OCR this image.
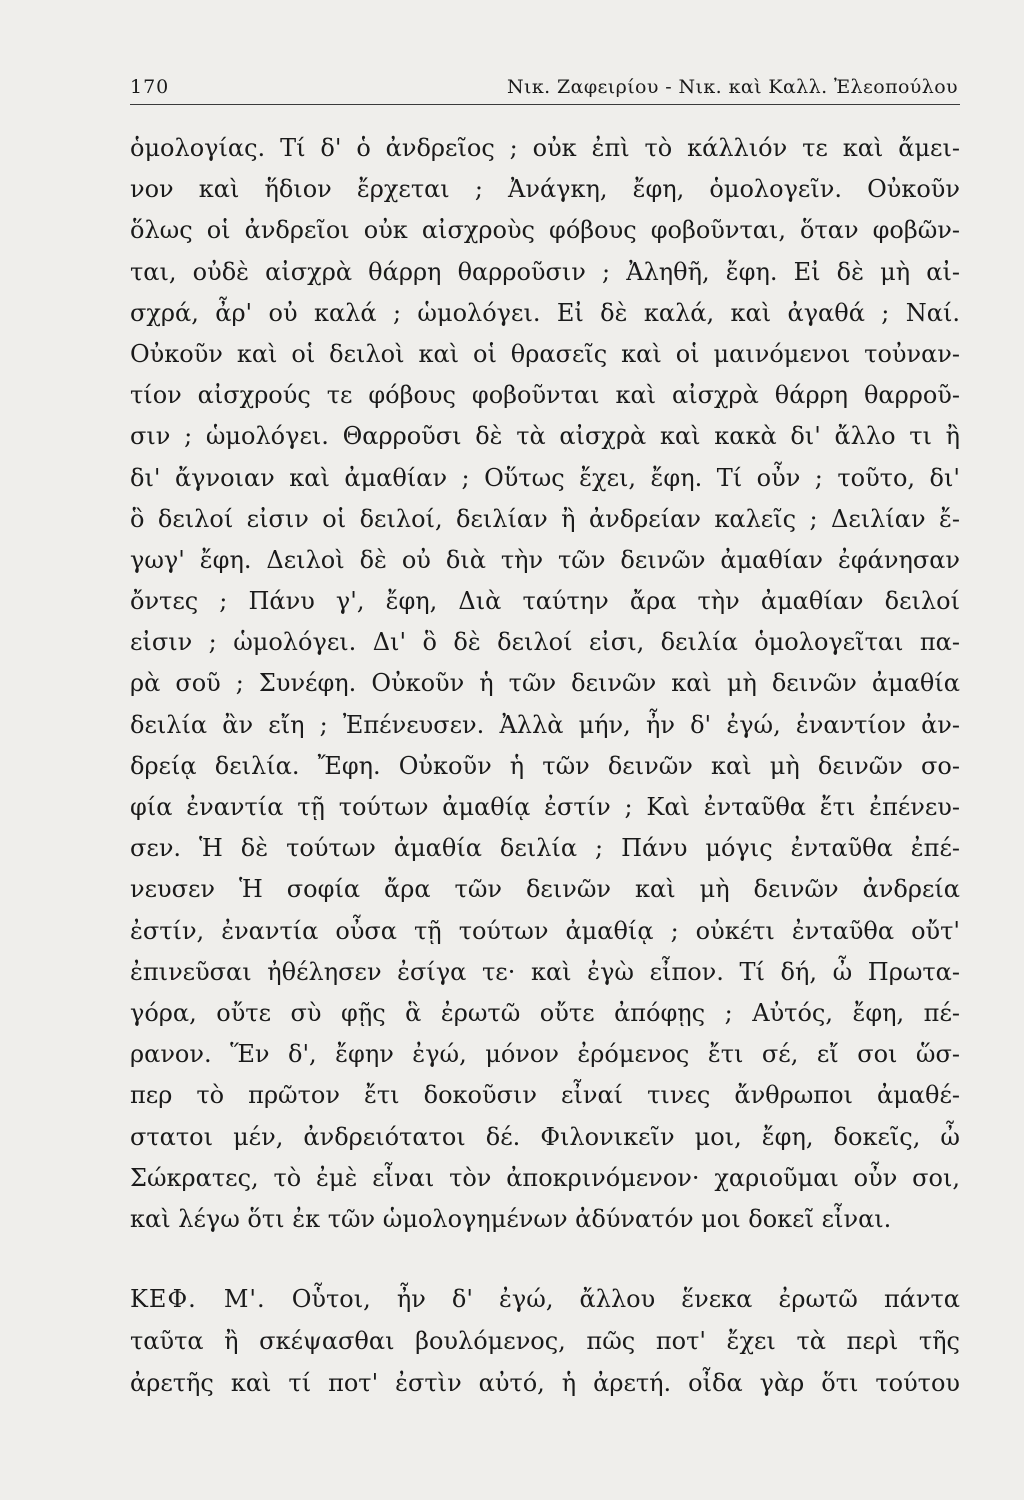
170	Νικ. Ζαφειρίου - Νικ. καὶ Καλλ. Ἐλεοπούλου
ὁμολογίας. Τί δ' ὁ ἀνδρεῖος ; οὐκ ἐπὶ τὸ κάλλιόν τε καὶ ἄμει-
νον καὶ ἥδιον ἔρχεται ; Ἀνάγκη, ἔφη, ὁμολογεῖν. Οὐκοῦν
ὅλως οἱ ἀνδρεῖοι οὐκ αἰσχροὺς φόβους φοβοῦνται, ὅταν φοβῶν-
ται, οὐδὲ αἰσχρὰ θάρρη θαρροῦσιν ; Ἀληθῆ, ἔφη. Εἰ δὲ μὴ αἰ-
σχρά, ἆρ' οὐ καλά ; ὡμολόγει. Εἰ δὲ καλά, καὶ ἀγαθά ; Ναί.
Οὐκοῦν καὶ οἱ δειλοὶ καὶ οἱ θρασεῖς καὶ οἱ μαινόμενοι τοὐναν-
τίον αἰσχρούς τε φόβους φοβοῦνται καὶ αἰσχρὰ θάρρη θαρροῦ-
σιν ; ὡμολόγει. Θαρροῦσι δὲ τὰ αἰσχρὰ καὶ κακὰ δι' ἄλλο τι ἢ
δι' ἄγνοιαν καὶ ἀμαθίαν ; Οὕτως ἔχει, ἔφη. Τί οὖν ; τοῦτο, δι'
ὃ δειλοί εἰσιν οἱ δειλοί, δειλίαν ἢ ἀνδρείαν καλεῖς ; Δειλίαν ἔ-
γωγ' ἔφη. Δειλοὶ δὲ οὐ διὰ τὴν τῶν δεινῶν ἀμαθίαν ἐφάνησαν
ὄντες ; Πάνυ γ', ἔφη, Διὰ ταύτην ἄρα τὴν ἀμαθίαν δειλοί
εἰσιν ; ὡμολόγει. Δι' ὃ δὲ δειλοί εἰσι, δειλία ὁμολογεῖται πα-
ρὰ σοῦ ; Συνέφη. Οὐκοῦν ἡ τῶν δεινῶν καὶ μὴ δεινῶν ἀμαθία
δειλία ἂν εἴη ; Ἐπένευσεν. Ἀλλὰ μήν, ἦν δ' ἐγώ, ἐναντίον ἀν-
δρείᾳ δειλία. Ἔφη. Οὐκοῦν ἡ τῶν δεινῶν καὶ μὴ δεινῶν σο-
φία ἐναντία τῇ τούτων ἀμαθίᾳ ἐστίν ; Καὶ ἐνταῦθα ἔτι ἐπένευ-
σεν. Ἡ δὲ τούτων ἀμαθία δειλία ; Πάνυ μόγις ἐνταῦθα ἐπέ-
νευσεν Ἡ σοφία ἄρα τῶν δεινῶν καὶ μὴ δεινῶν ἀνδρεία
ἐστίν, ἐναντία οὖσα τῇ τούτων ἀμαθίᾳ ; οὐκέτι ἐνταῦθα οὔτ'
ἐπινεῦσαι ἠθέλησεν ἐσίγα τε· καὶ ἐγὼ εἶπον. Τί δή, ὦ Πρωτα-
γόρα, οὔτε σὺ φῇς ἃ ἐρωτῶ οὔτε ἀπόφῃς ; Αὐτός, ἔφη, πέ-
ρανον. Ἕν δ', ἔφην ἐγώ, μόνον ἐρόμενος ἔτι σέ, εἴ σοι ὥσ-
περ τὸ πρῶτον ἔτι δοκοῦσιν εἶναί τινες ἄνθρωποι ἀμαθέ-
στατοι μέν, ἀνδρειότατοι δέ. Φιλονικεῖν μοι, ἔφη, δοκεῖς, ὦ
Σώκρατες, τὸ ἐμὲ εἶναι τὸν ἀποκρινόμενον· χαριοῦμαι οὖν σοι,
καὶ λέγω ὅτι ἐκ τῶν ὡμολογημένων ἀδύνατόν μοι δοκεῖ εἶναι.
ΚΕΦ. Μ'. Οὗτοι, ἦν δ' ἐγώ, ἄλλου ἕνεκα ἐρωτῶ πάντα
ταῦτα ἢ σκέψασθαι βουλόμενος, πῶς ποτ' ἔχει τὰ περὶ τῆς
ἀρετῆς καὶ τί ποτ' ἐστὶν αὐτό, ἡ ἀρετή. οἶδα γὰρ ὅτι τούτου
